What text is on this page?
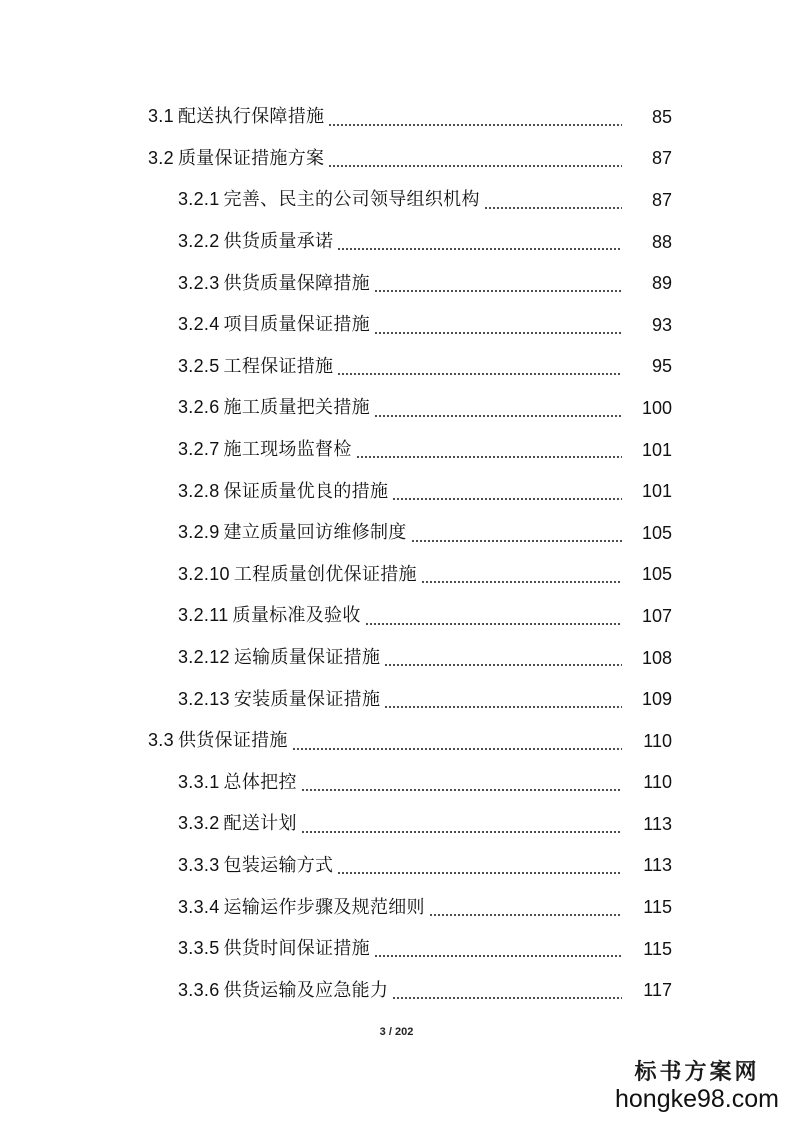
3.1 配送执行保障措施	85
3.2 质量保证措施方案	87
3.2.1 完善、民主的公司领导组织机构	87
3.2.2 供货质量承诺	88
3.2.3 供货质量保障措施	89
3.2.4 项目质量保证措施	93
3.2.5 工程保证措施	95
3.2.6 施工质量把关措施	100
3.2.7 施工现场监督检	101
3.2.8 保证质量优良的措施	101
3.2.9 建立质量回访维修制度	105
3.2.10 工程质量创优保证措施	105
3.2.11 质量标准及验收	107
3.2.12 运输质量保证措施	108
3.2.13 安装质量保证措施	109
3.3 供货保证措施	110
3.3.1 总体把控	110
3.3.2 配送计划	113
3.3.3 包装运输方式	113
3.3.4 运输运作步骤及规范细则	115
3.3.5 供货时间保证措施	115
3.3.6 供货运输及应急能力	117
3 / 202
标书方案网
hongke98.com
